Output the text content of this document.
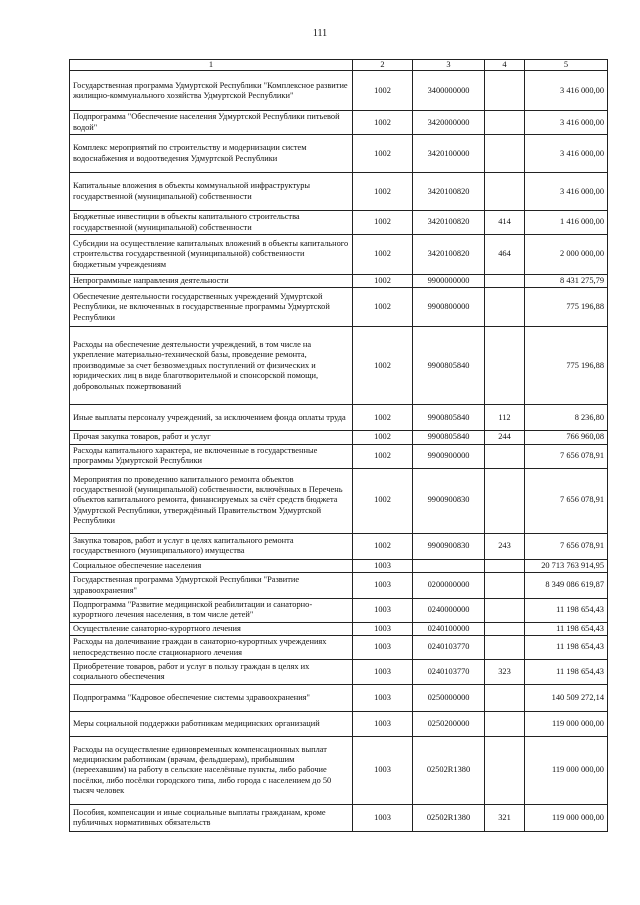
111
1	2	3	4	5
Государственная программа Удмуртской Республики "Комплексное развитие жилищно-коммунального хозяйства Удмуртской Республики"	1002	3400000000		3 416 000,00
Подпрограмма "Обеспечение населения Удмуртской Республики питьевой водой"	1002	3420000000		3 416 000,00
Комплекс мероприятий по строительству и модернизации систем водоснабжения и водоотведения Удмуртской Республики	1002	3420100000		3 416 000,00
Капитальные вложения в объекты коммунальной инфраструктуры государственной (муниципальной) собственности	1002	3420100820		3 416 000,00
Бюджетные инвестиции в объекты капитального строительства государственной (муниципальной) собственности	1002	3420100820	414	1 416 000,00
Субсидии на осуществление капитальных вложений в объекты капитального строительства государственной (муниципальной) собственности бюджетным учреждениям	1002	3420100820	464	2 000 000,00
Непрограммные направления деятельности	1002	9900000000		8 431 275,79
Обеспечение деятельности государственных учреждений Удмуртской Республики, не включенных в государственные программы Удмуртской Республики	1002	9900800000		775 196,88
Расходы на обеспечение деятельности учреждений, в том числе на укрепление материально-технической базы, проведение ремонта, производимые за счет безвозмездных поступлений от физических и юридических лиц в виде благотворительной и спонсорской помощи, добровольных пожертвований	1002	9900805840		775 196,88
Иные выплаты персоналу учреждений, за исключением фонда оплаты труда	1002	9900805840	112	8 236,80
Прочая закупка товаров, работ и услуг	1002	9900805840	244	766 960,08
Расходы капитального характера, не включенные в государственные программы Удмуртской Республики	1002	9900900000		7 656 078,91
Мероприятия по проведению капитального ремонта объектов государственной (муниципальной) собственности, включённых в Перечень объектов капитального ремонта, финансируемых за счёт средств бюджета Удмуртской Республики, утверждённый Правительством Удмуртской Республики	1002	9900900830		7 656 078,91
Закупка товаров, работ и услуг в целях капитального ремонта государственного (муниципального) имущества	1002	9900900830	243	7 656 078,91
Социальное обеспечение населения	1003			20 713 763 914,95
Государственная программа Удмуртской Республики "Развитие здравоохранения"	1003	0200000000		8 349 086 619,87
Подпрограмма "Развитие медицинской реабилитации и санаторно-курортного лечения населения, в том числе детей"	1003	0240000000		11 198 654,43
Осуществление санаторно-курортного лечения	1003	0240100000		11 198 654,43
Расходы на долечивание граждан в санаторно-курортных учреждениях непосредственно после стационарного лечения	1003	0240103770		11 198 654,43
Приобретение товаров, работ и услуг в пользу граждан в целях их социального обеспечения	1003	0240103770	323	11 198 654,43
Подпрограмма "Кадровое обеспечение системы здравоохранения"	1003	0250000000		140 509 272,14
Меры социальной поддержки работникам медицинских организаций	1003	0250200000		119 000 000,00
Расходы на осуществление единовременных компенсационных выплат медицинским работникам (врачам, фельдшерам), прибывшим (переехавшим) на работу в сельские населённые пункты, либо рабочие посёлки, либо посёлки городского типа, либо города с населением до 50 тысяч человек	1003	02502R1380		119 000 000,00
Пособия, компенсации и иные социальные выплаты гражданам, кроме публичных нормативных обязательств	1003	02502R1380	321	119 000 000,00
